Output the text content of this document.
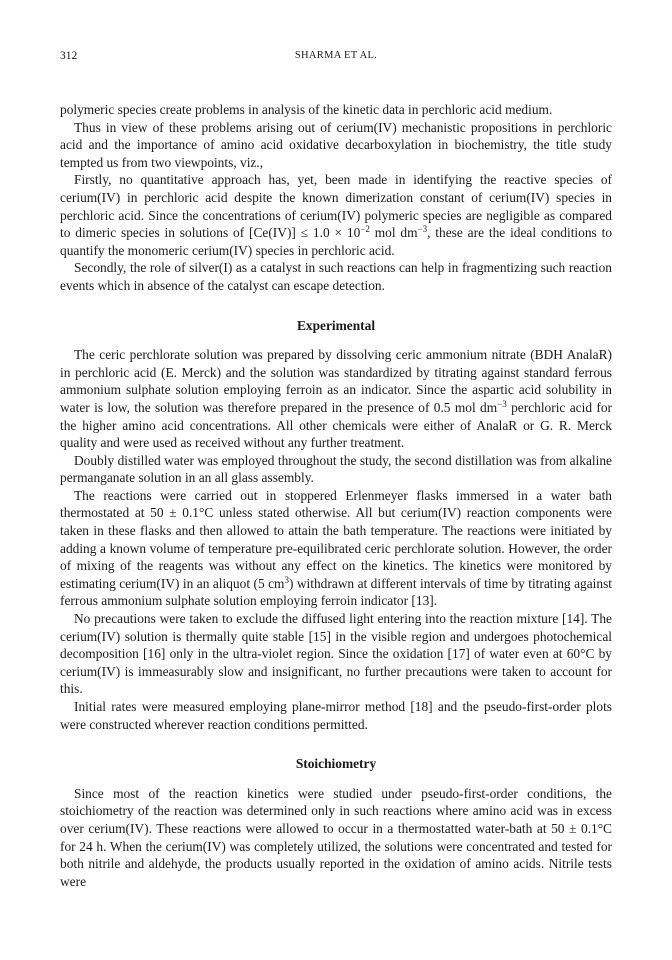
312	SHARMA ET AL.

polymeric species create problems in analysis of the kinetic data in perchloric acid medium.

Thus in view of these problems arising out of cerium(IV) mechanistic propositions in perchloric acid and the importance of amino acid oxidative decarboxylation in biochemistry, the title study tempted us from two viewpoints, viz.,

Firstly, no quantitative approach has, yet, been made in identifying the reactive species of cerium(IV) in perchloric acid despite the known dimerization constant of cerium(IV) species in perchloric acid. Since the concentrations of cerium(IV) polymeric species are negligible as compared to dimeric species in solutions of $[Ce(IV)] \le 1.0 \times 10^{-2}$ mol $dm^{-3}$, these are the ideal conditions to quantify the monomeric cerium(IV) species in perchloric acid.

Secondly, the role of silver(I) as a catalyst in such reactions can help in fragmentizing such reaction events which in absence of the catalyst can escape detection.

Experimental

The ceric perchlorate solution was prepared by dissolving ceric ammonium nitrate (BDH AnalaR) in perchloric acid (E. Merck) and the solution was standardized by titrating against standard ferrous ammonium sulphate solution employing ferroin as an indicator. Since the aspartic acid solubility in water is low, the solution was therefore prepared in the presence of 0.5 mol $dm^{-3}$ perchloric acid for the higher amino acid concentrations. All other chemicals were either of AnalaR or G. R. Merck quality and were used as received without any further treatment.

Doubly distilled water was employed throughout the study, the second distillation was from alkaline permanganate solution in an all glass assembly.

The reactions were carried out in stoppered Erlenmeyer flasks immersed in a water bath thermostated at 50 ± 0.1°C unless stated otherwise. All but cerium(IV) reaction components were taken in these flasks and then allowed to attain the bath temperature. The reactions were initiated by adding a known volume of temperature pre-equilibrated ceric perchlorate solution. However, the order of mixing of the reagents was without any effect on the kinetics. The kinetics were monitored by estimating cerium(IV) in an aliquot (5 $cm^3$) withdrawn at different intervals of time by titrating against ferrous ammonium sulphate solution employing ferroin indicator [13].

No precautions were taken to exclude the diffused light entering into the reaction mixture [14]. The cerium(IV) solution is thermally quite stable [15] in the visible region and undergoes photochemical decomposition [16] only in the ultra-violet region. Since the oxidation [17] of water even at 60°C by cerium(IV) is immeasurably slow and insignificant, no further precautions were taken to account for this.

Initial rates were measured employing plane-mirror method [18] and the pseudo-first-order plots were constructed wherever reaction conditions permitted.

Stoichiometry

Since most of the reaction kinetics were studied under pseudo-first-order conditions, the stoichiometry of the reaction was determined only in such reactions where amino acid was in excess over cerium(IV). These reactions were allowed to occur in a thermostatted water-bath at 50 ± 0.1°C for 24 h. When the cerium(IV) was completely utilized, the solutions were concentrated and tested for both nitrile and aldehyde, the products usually reported in the oxidation of amino acids. Nitrile tests were
